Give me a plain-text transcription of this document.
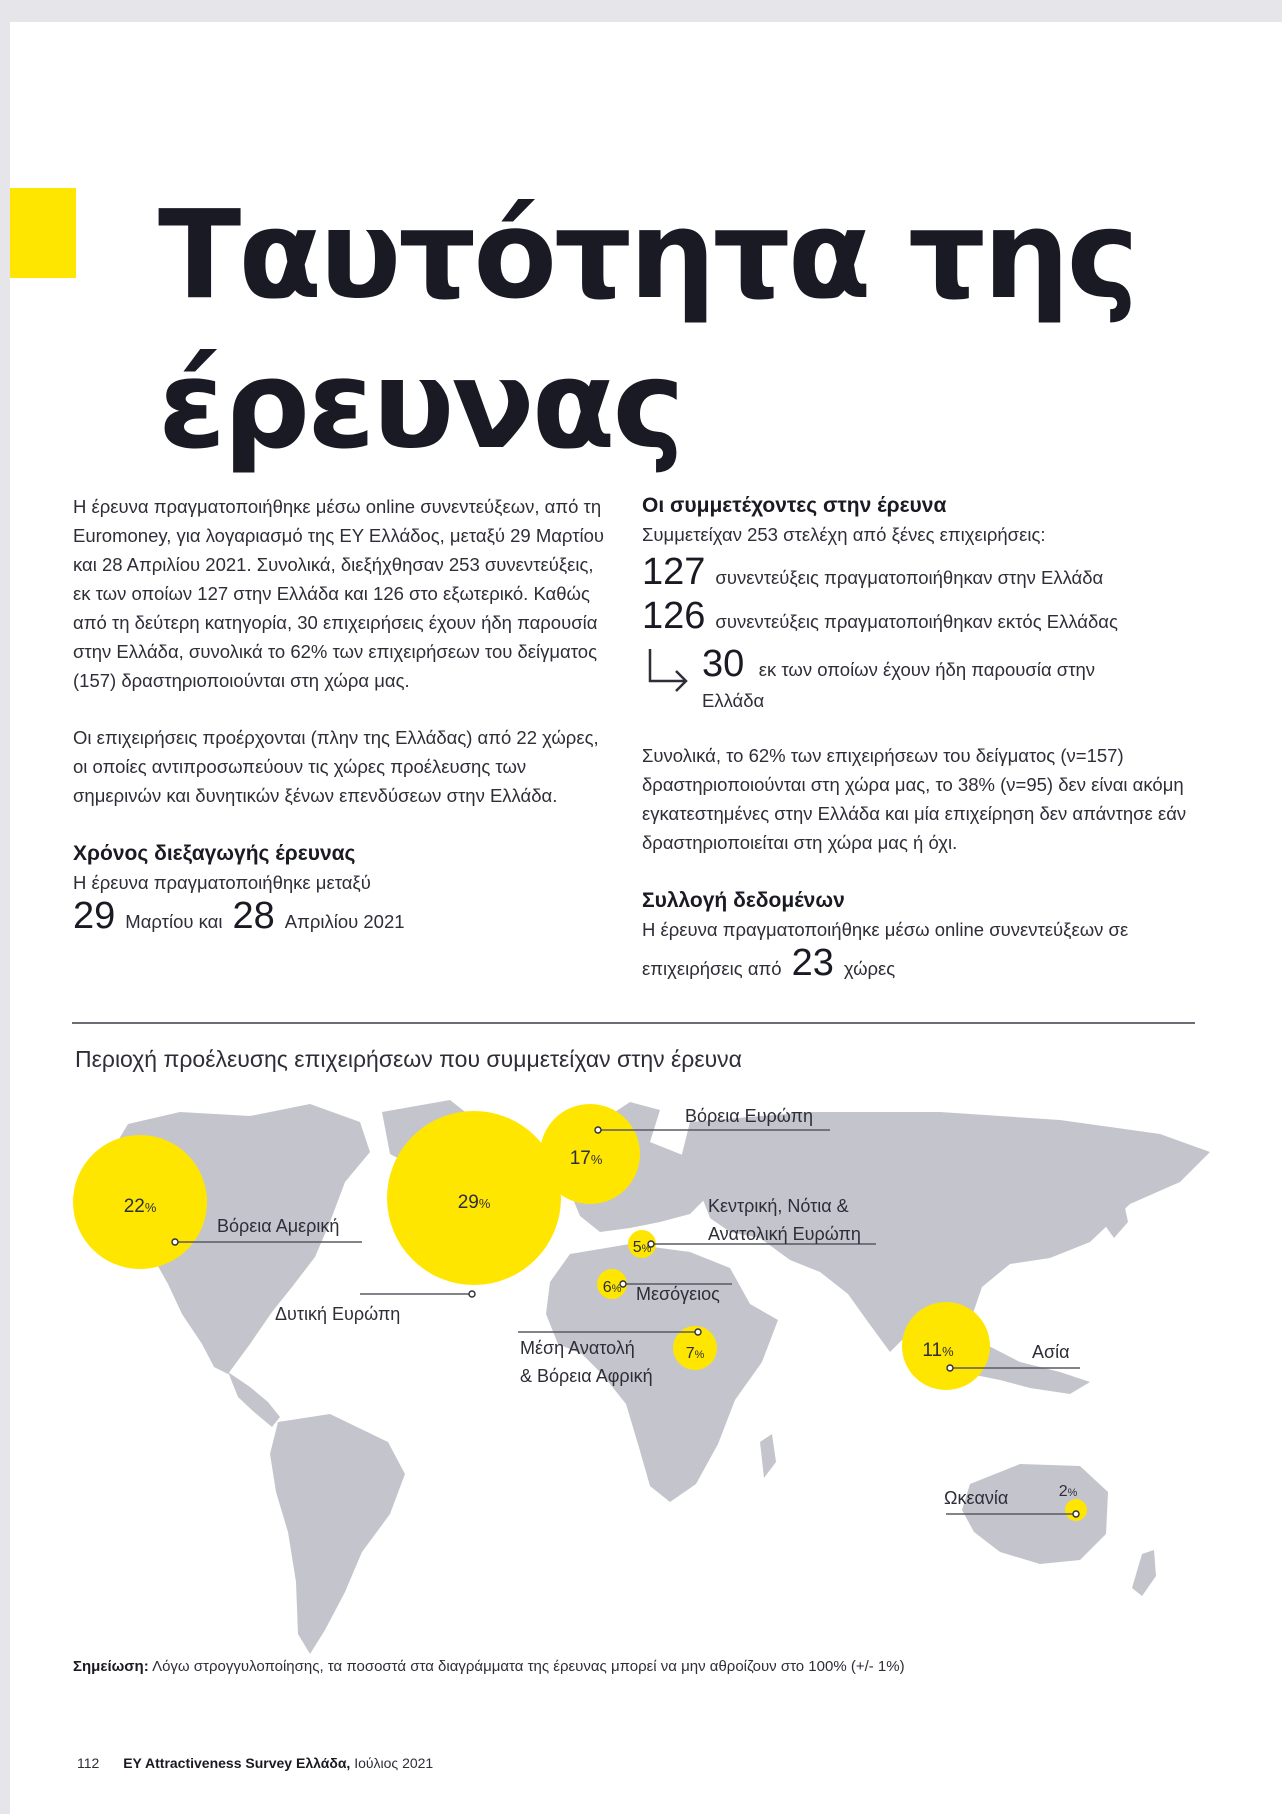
Ταυτότητα της
έρευνας

Η έρευνα πραγματοποιήθηκε μέσω online συνεντεύξεων, από τη Euromoney, για λογαριασμό της EY Ελλάδος, μεταξύ 29 Μαρτίου και 28 Απριλίου 2021. Συνολικά, διεξήχθησαν 253 συνεντεύξεις, εκ των οποίων 127 στην Ελλάδα και 126 στο εξωτερικό. Καθώς από τη δεύτερη κατηγορία, 30 επιχειρήσεις έχουν ήδη παρουσία στην Ελλάδα, συνολικά το 62% των επιχειρήσεων του δείγματος (157) δραστηριοποιούνται στη χώρα μας.

Οι επιχειρήσεις προέρχονται (πλην της Ελλάδας) από 22 χώρες, οι οποίες αντιπροσωπεύουν τις χώρες προέλευσης των σημερινών και δυνητικών ξένων επενδύσεων στην Ελλάδα.

Χρόνος διεξαγωγής έρευνας

Η έρευνα πραγματοποιήθηκε μεταξύ

29 Μαρτίου και 28 Απριλίου 2021
Οι συμμετέχοντες στην έρευνα

Συμμετείχαν 253 στελέχη από ξένες επιχειρήσεις:

127 συνεντεύξεις πραγματοποιήθηκαν στην Ελλάδα
126 συνεντεύξεις πραγματοποιήθηκαν εκτός Ελλάδας
30 εκ των οποίων έχουν ήδη παρουσία στην Ελλάδα

Συνολικά, το 62% των επιχειρήσεων του δείγματος (ν=157) δραστηριοποιούνται στη χώρα μας, το 38% (ν=95) δεν είναι ακόμη εγκατεστημένες στην Ελλάδα και μία επιχείρηση δεν απάντησε εάν δραστηριοποιείται στη χώρα μας ή όχι.

Συλλογή δεδομένων

Η έρευνα πραγματοποιήθηκε μέσω online συνεντεύξεων σε

επιχειρήσεις από 23 χώρες
Περιοχή προέλευσης επιχειρήσεων που συμμετείχαν στην έρευνα
22%
Βόρεια Αμερική
29%
Δυτική Ευρώπη
17%
Βόρεια Ευρώπη
5%
Κεντρική, Νότια &
Ανατολική Ευρώπη
6% Μεσόγειος
7%
Μέση Ανατολή
& Βόρεια Αφρική
11%	Ασία
2%
Ωκεανία
Σημείωση: Λόγω στρογγυλοποίησης, τα ποσοστά στα διαγράμματα της έρευνας μπορεί να μην αθροίζουν στο 100% (+/- 1%)
112 EY Attractiveness Survey Ελλάδα, Ιούλιος 2021
